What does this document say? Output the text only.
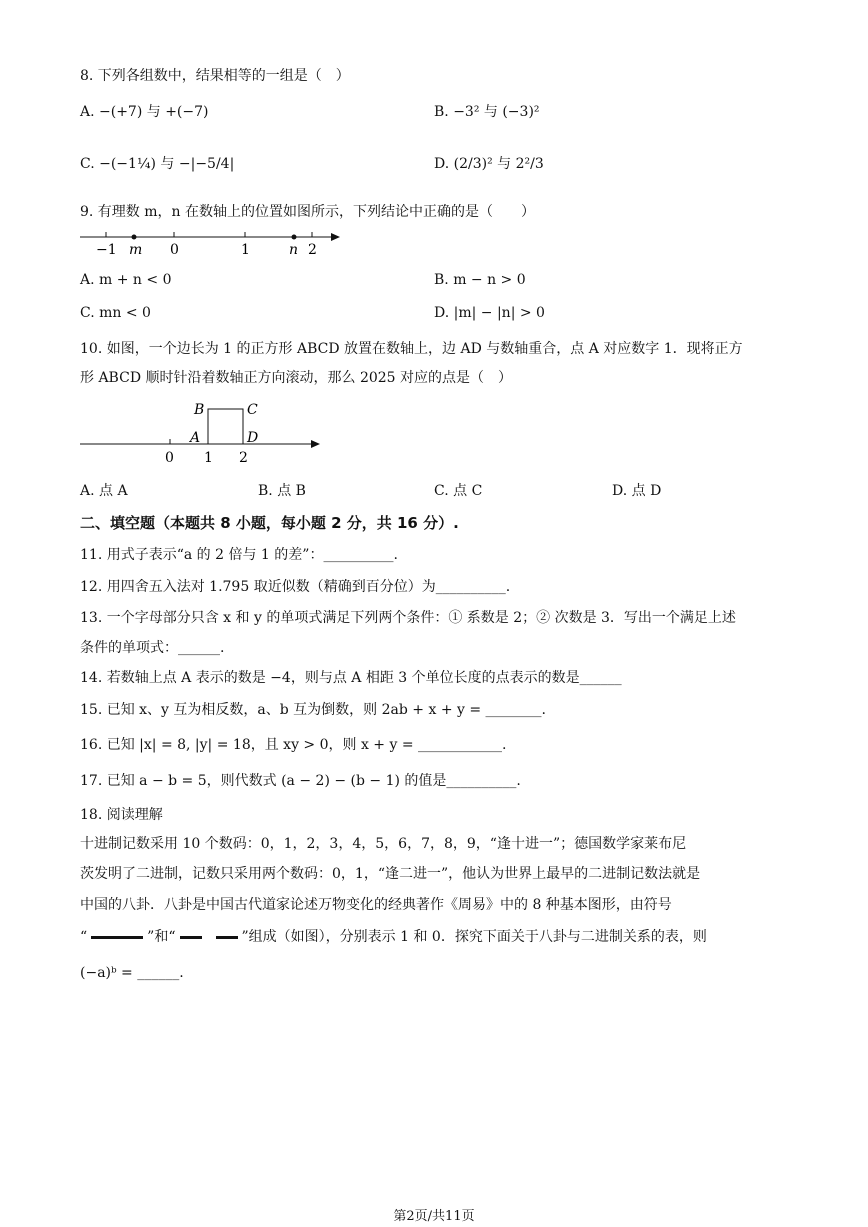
8. 下列各组数中，结果相等的一组是（　）
A. −(+7) 与 +(−7)	B. −3² 与 (−3)²
C. −(−1¼) 与 −|−5/4|	D. (2/3)² 与 2²/3
9. 有理数 m，n 在数轴上的位置如图所示，下列结论中正确的是（　　）
−1 m 0	1	n 2
A. m + n < 0	B. m − n > 0
C. mn < 0	D. |m| − |n| > 0
10. 如图，一个边长为 1 的正方形 ABCD 放置在数轴上，边 AD 与数轴重合，点 A 对应数字 1．现将正方
形 ABCD 顺时针沿着数轴正方向滚动，那么 2025 对应的点是（　）
B	C
A	D
0 1 2
A. 点 A	B. 点 B	C. 点 C	D. 点 D
二、填空题（本题共 8 小题，每小题 2 分，共 16 分）.
11. 用式子表示“a 的 2 倍与 1 的差”：__________.
12. 用四舍五入法对 1.795 取近似数（精确到百分位）为__________.
13. 一个字母部分只含 x 和 y 的单项式满足下列两个条件：① 系数是 2；② 次数是 3．写出一个满足上述
条件的单项式：______.
14. 若数轴上点 A 表示的数是 −4，则与点 A 相距 3 个单位长度的点表示的数是______
15. 已知 x、y 互为相反数，a、b 互为倒数，则 2ab + x + y = ________.
16. 已知 |x| = 8, |y| = 18，且 xy > 0，则 x + y = ____________.
17. 已知 a − b = 5，则代数式 (a − 2) − (b − 1) 的值是__________.
18. 阅读理解
十进制记数采用 10 个数码：0，1，2，3，4，5，6，7，8，9，“逢十进一”；德国数学家莱布尼
茨发明了二进制，记数只采用两个数码：0，1，“逢二进一”，他认为世界上最早的二进制记数法就是
中国的八卦．八卦是中国古代道家论述万物变化的经典著作《周易》中的 8 种基本图形，由符号
“	”和“	”组成（如图），分别表示 1 和 0．探究下面关于八卦与二进制关系的表，则
(−a)ᵇ = ______.
第2页/共11页
